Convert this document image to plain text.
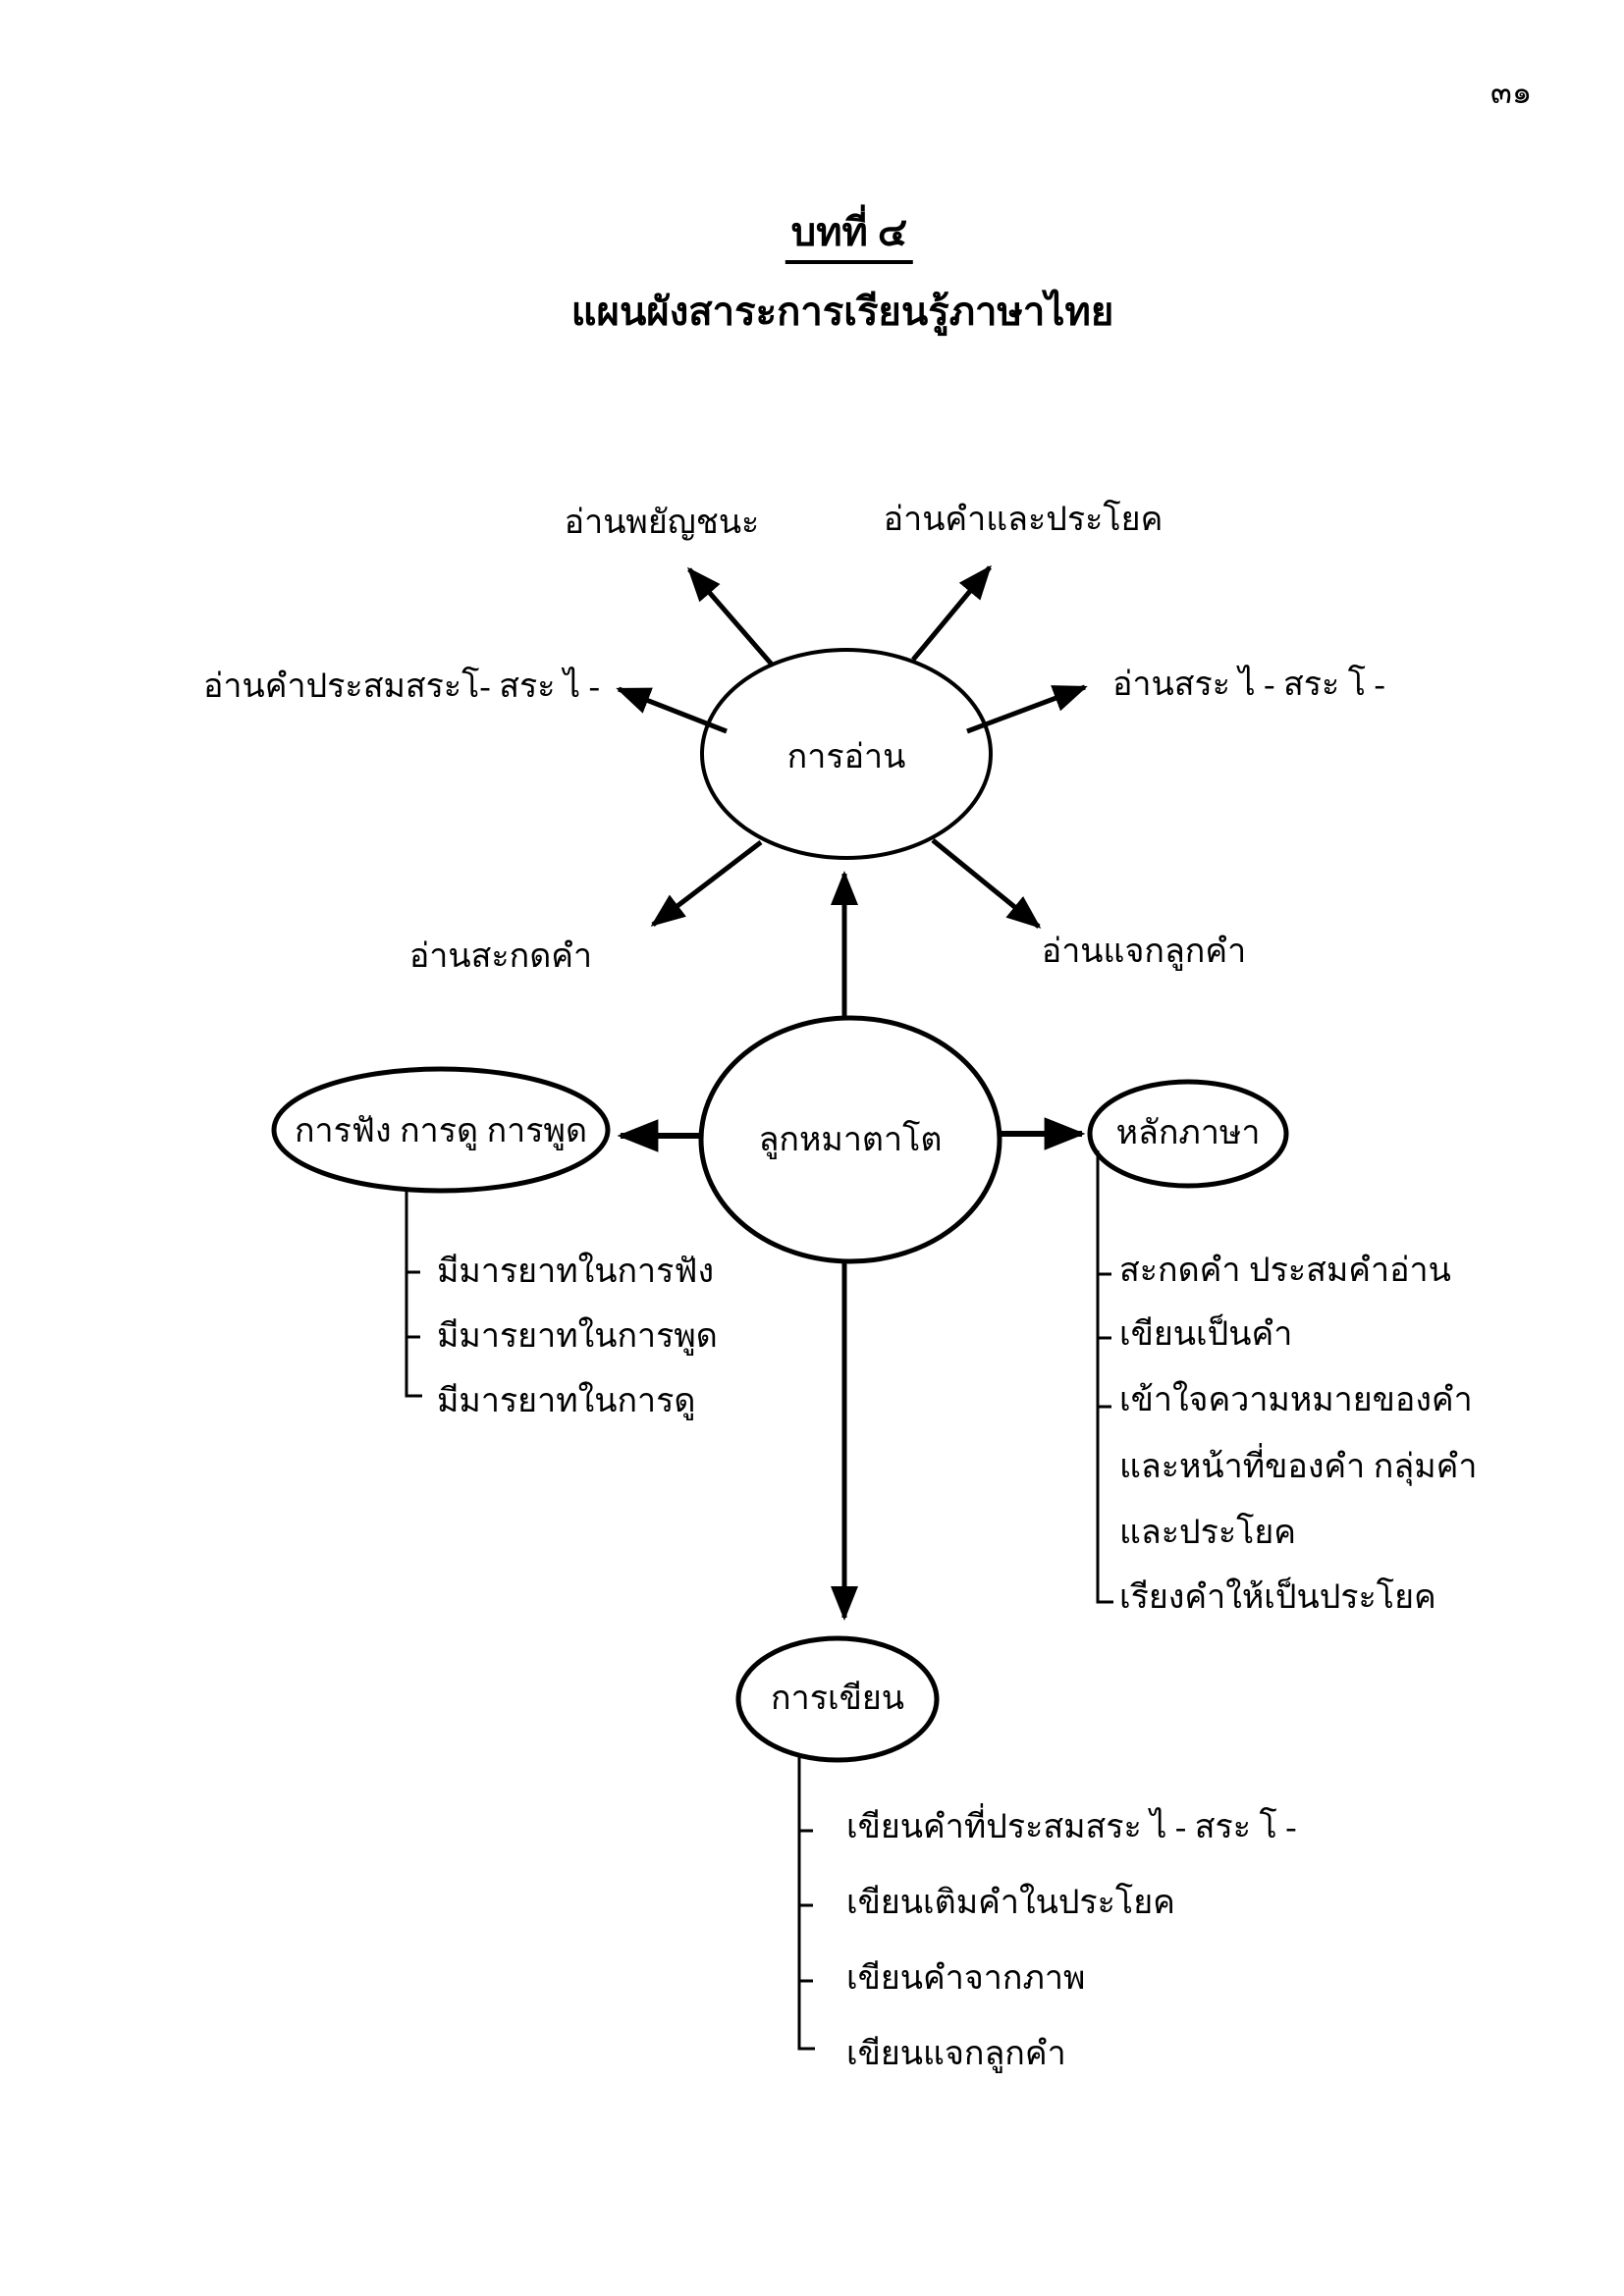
๓๑
บทที่ ๔
แผนผังสาระการเรียนรู้ภาษาไทย
การอ่าน
อ่านพยัญชนะ	อ่านคำและประโยค
อ่านคำประสมสระโ- สระ ไ -	อ่านสระ ไ - สระ โ -
อ่านสะกดคำ	อ่านแจกลูกคำ
ลูกหมาตาโต
การฟัง การดู การพูด	หลักภาษา
การเขียน
มีมารยาทในการฟัง
มีมารยาทในการพูด
มีมารยาทในการดู
สะกดคำ ประสมคำอ่าน
เขียนเป็นคำ
เข้าใจความหมายของคำ
และหน้าที่ของคำ กลุ่มคำ
และประโยค
เรียงคำให้เป็นประโยค
เขียนคำที่ประสมสระ ไ - สระ โ -
เขียนเติมคำในประโยค
เขียนคำจากภาพ
เขียนแจกลูกคำ
